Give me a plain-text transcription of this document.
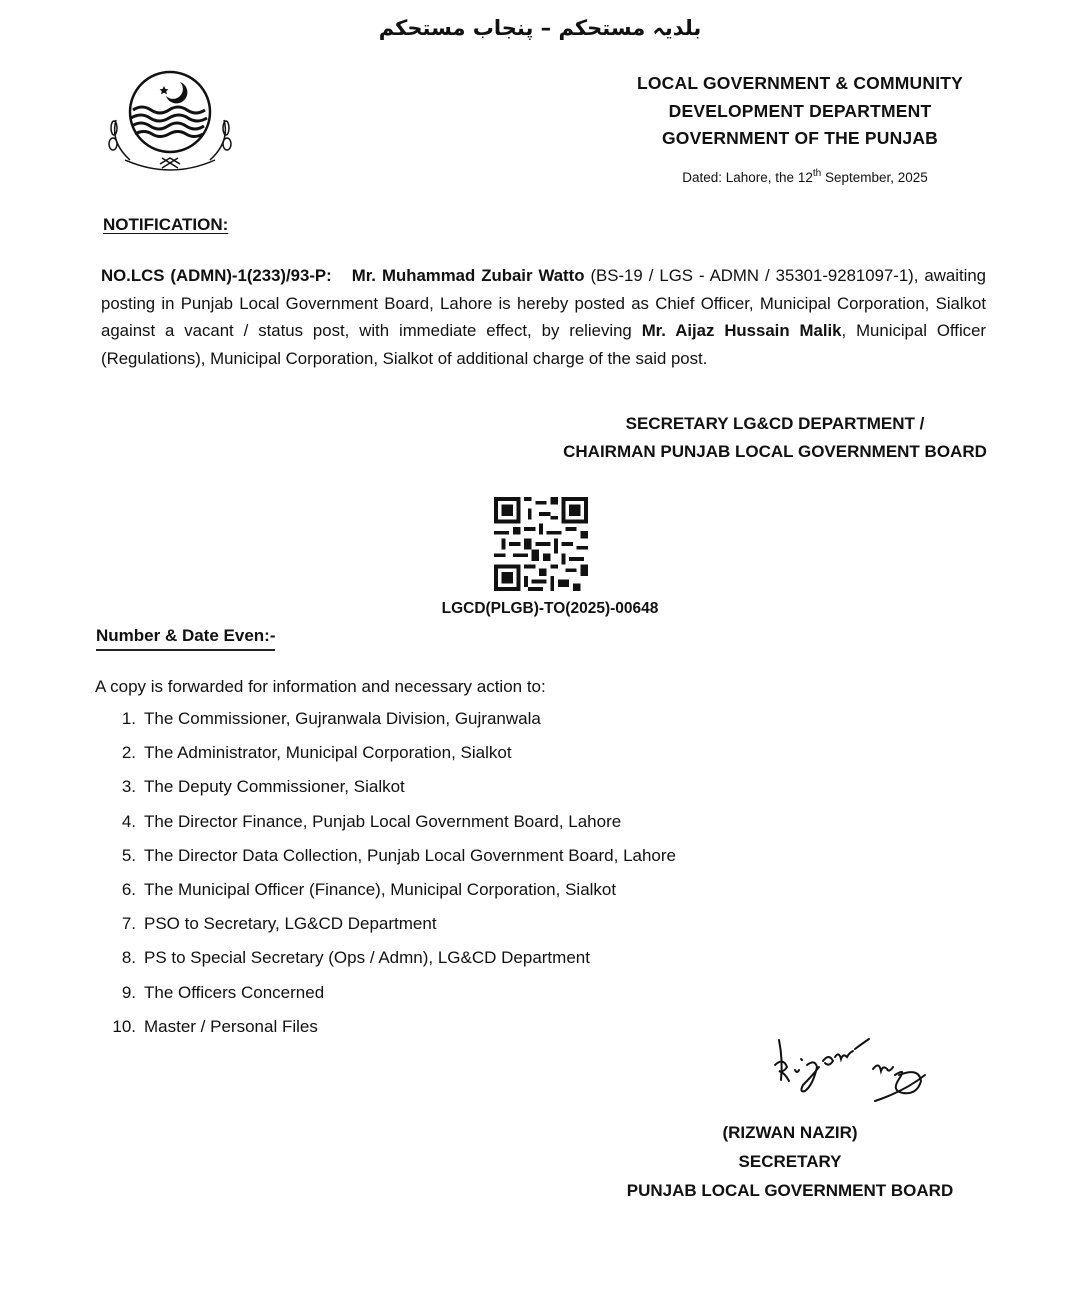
بلدیہ مستحکم – پنجاب مستحکم
LOCAL GOVERNMENT & COMMUNITY
DEVELOPMENT DEPARTMENT
GOVERNMENT OF THE PUNJAB
Dated: Lahore, the 12th September, 2025
NOTIFICATION:
NO.LCS (ADMN)-1(233)/93-P: Mr. Muhammad Zubair Watto (BS-19 / LGS - ADMN / 35301-9281097-1), awaiting posting in Punjab Local Government Board, Lahore is hereby posted as Chief Officer, Municipal Corporation, Sialkot against a vacant / status post, with immediate effect, by relieving Mr. Aijaz Hussain Malik, Municipal Officer (Regulations), Municipal Corporation, Sialkot of additional charge of the said post.
SECRETARY LG&CD DEPARTMENT /
CHAIRMAN PUNJAB LOCAL GOVERNMENT BOARD
LGCD(PLGB)-TO(2025)-00648
Number & Date Even:-
A copy is forwarded for information and necessary action to:
1. The Commissioner, Gujranwala Division, Gujranwala
2. The Administrator, Municipal Corporation, Sialkot
3. The Deputy Commissioner, Sialkot
4. The Director Finance, Punjab Local Government Board, Lahore
5. The Director Data Collection, Punjab Local Government Board, Lahore
6. The Municipal Officer (Finance), Municipal Corporation, Sialkot
7. PSO to Secretary, LG&CD Department
8. PS to Special Secretary (Ops / Admn), LG&CD Department
9. The Officers Concerned
10. Master / Personal Files
(RIZWAN NAZIR)
SECRETARY
PUNJAB LOCAL GOVERNMENT BOARD
